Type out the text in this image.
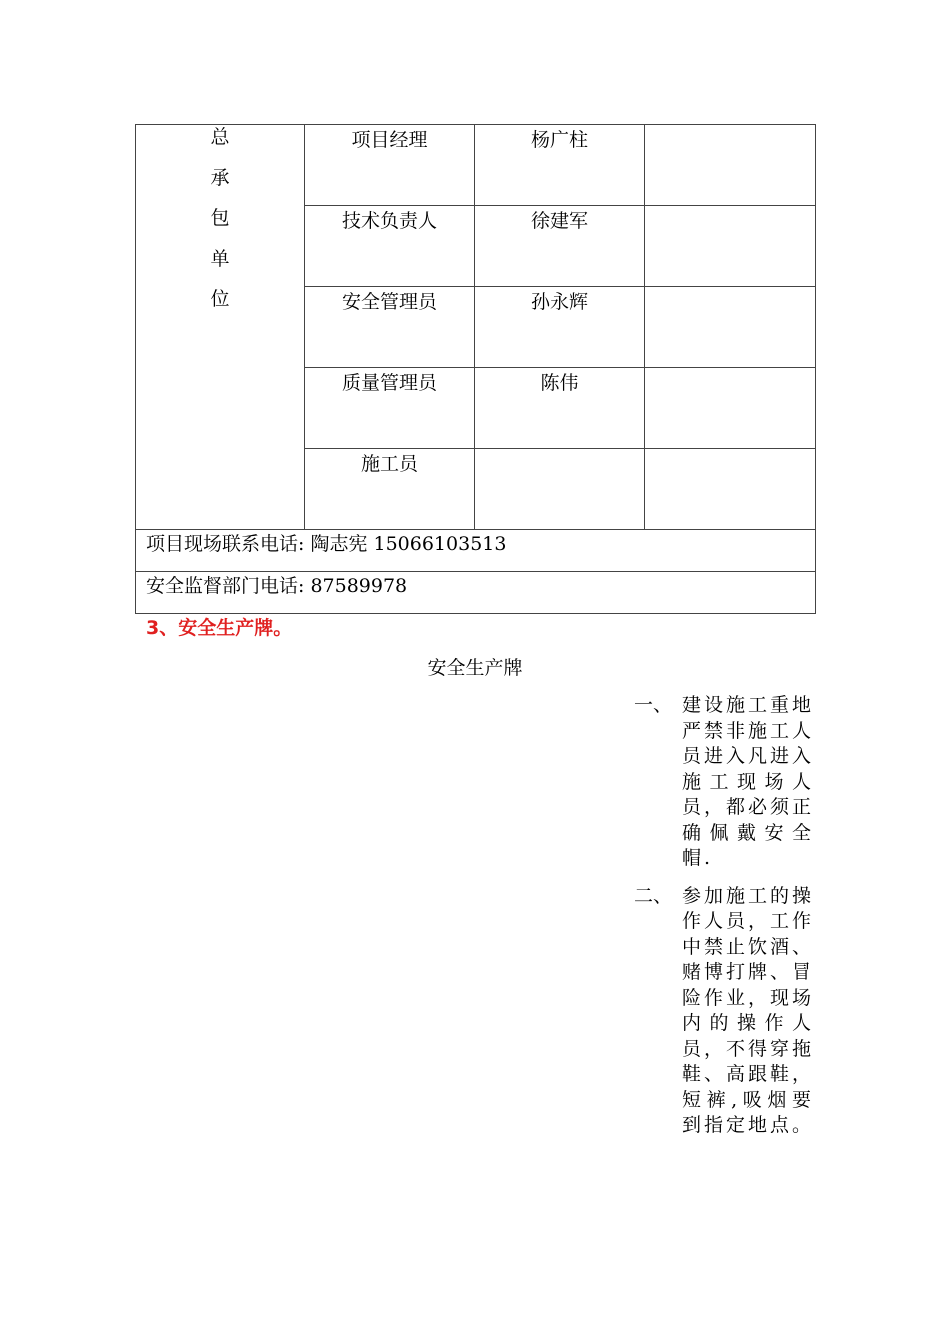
总
承
包
单
位	项目经理	杨广柱	
	技术负责人	徐建军	
	安全管理员	孙永辉	
	质量管理员	陈伟	
	施工员		
项目现场联系电话: 陶志宪 15066103513			
安全监督部门电话: 87589978			
3、安全生产牌。
安全生产牌
一、 建设施工重地严禁非施工人员进入凡进入施工现场人员，都必须正确佩戴安全帽.
二、 参加施工的操作人员，工作中禁止饮酒、赌博打牌、冒险作业，现场内的操作人员，不得穿拖鞋、高跟鞋，短裤,吸烟要到指定地点。
